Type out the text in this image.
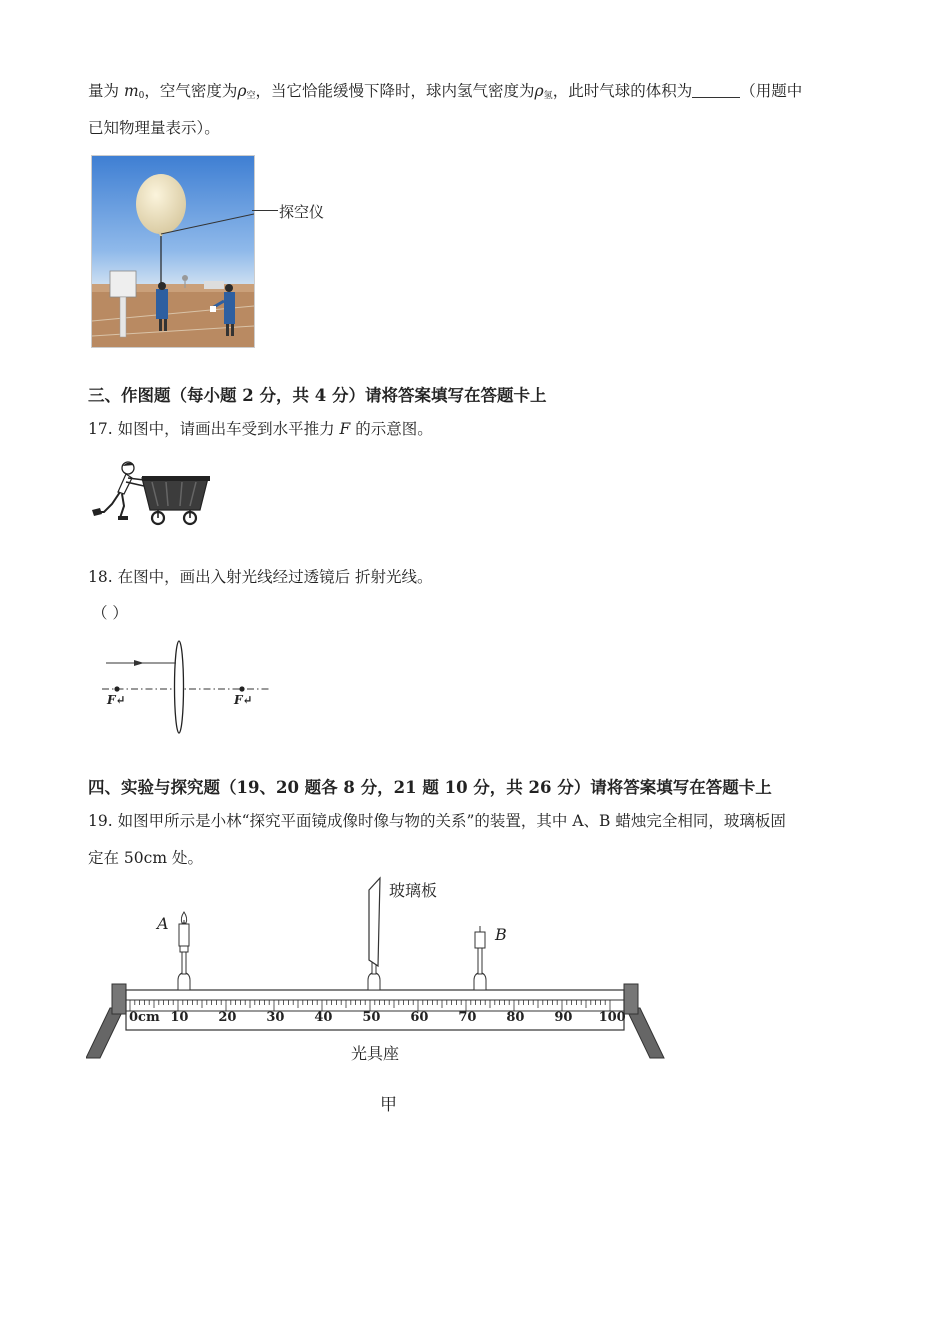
量为 $m_0$，空气密度为$\rho_空$，当它恰能缓慢下降时，球内氢气密度为$\rho_氢$，此时气球的体积为	（用题中
已知物理量表示）。
探空仪
三、作图题（每小题 2 分，共 4 分）请将答案填写在答题卡上
17. 如图中，请画出车受到水平推力 F 的示意图。
18. 在图中，画出入射光线经过透镜后 折射光线。
（ ）
F↵	F↵
四、实验与探究题（19、20 题各 8 分，21 题 10 分，共 26 分）请将答案填写在答题卡上
19. 如图甲所示是小林“探究平面镜成像时像与物的关系”的装置，其中 A、B 蜡烛完全相同，玻璃板固
定在 50cm 处。
0cm 10 20 30 40 50 60 70 80 90 100
A
B
玻璃板
光具座
甲
